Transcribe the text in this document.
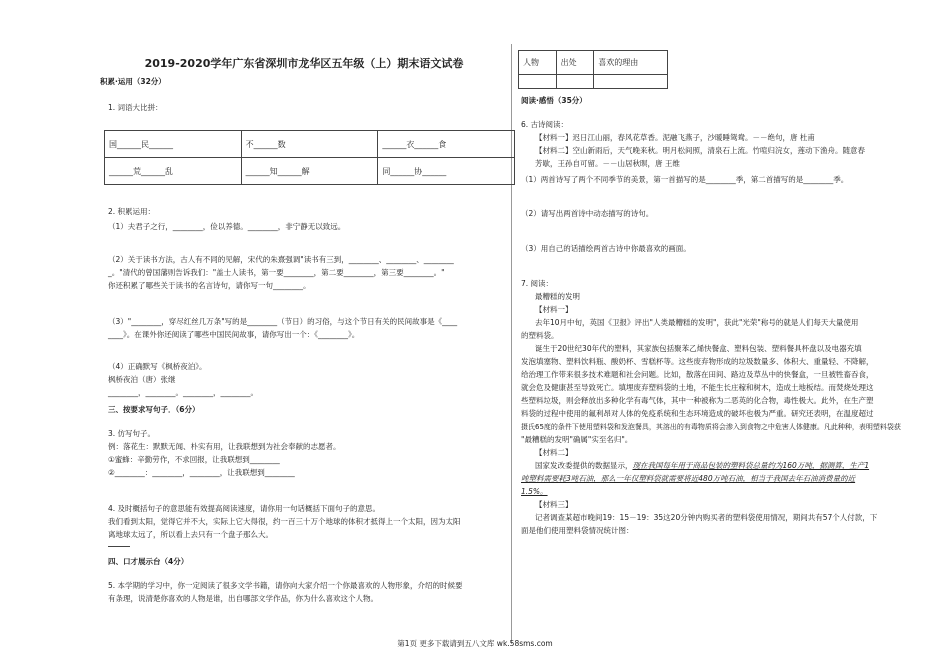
2019-2020学年广东省深圳市龙华区五年级（上）期末语文试卷
积累·运用（32分）
1. 词语大比拼：
国______民______	不______数	______衣______食
______荒______乱	______知______解	同______协______
2. 积累运用：
（1）夫君子之行，________，俭以养德。________，非宁静无以致远。
（2）关于读书方法，古人有不同的见解，宋代的朱熹强调"读书有三到，________、________、________
_。"清代的曾国藩则告诉我们："盖士人读书，第一要________，第二要________，第三要________。"
你还积累了哪些关于读书的名言诗句，请你写一句________。
（3）"________，穿尽红丝几万条"写的是________（节日）的习俗，与这个节日有关的民间故事是《____
____》。在课外你还阅读了哪些中国民间故事，请你写出一个：《________》。
（4）正确默写《枫桥夜泊》。
枫桥夜泊（唐）张继
________，________。________，________。
三、按要求写句子．（6分）
3. 仿写句子。
例：落花生：默默无闻、朴实有用，让我联想到为社会奉献的志愿者。
①蜜蜂：辛勤劳作，不求回报，让我联想到________
②________：________，________，让我联想到________
4. 及时概括句子的意思能有效提高阅读速度，请你用一句话概括下面句子的意思。
我们看到太阳，觉得它并不大，实际上它大得很，约一百三十万个地球的体积才抵得上一个太阳，因为太阳
离地球太远了，所以看上去只有一个盘子那么大。
四、口才展示台（4分）
5. 本学期的学习中，你一定阅读了很多文学书籍，请你向大家介绍一个你最喜欢的人物形象，介绍的时候要
有条理，说清楚你喜欢的人物是谁，出自哪部文学作品，你为什么喜欢这个人物。
人物	出处	喜欢的理由

阅读·感悟（35分）
6. 古诗阅读：
【材料一】迟日江山丽，春风花草香。泥融飞燕子，沙暖睡鸳鸯。－－绝句，唐 杜甫
【材料二】空山新雨后，天气晚来秋。明月松间照，清泉石上流。竹喧归浣女，莲动下渔舟。随意春
芳歇，王孙自可留。－－山居秋暝，唐 王维
（1）两首诗写了两个不同季节的美景，第一首描写的是________季，第二首描写的是________季。
（2）请写出两首诗中动态描写的诗句。
（3）用自己的话描绘两首古诗中你最喜欢的画面。
7. 阅读：
最糟糕的发明
【材料一】
去年10月中旬，英国《卫报》评出"人类最糟糕的发明"，获此"光荣"称号的就是人们每天大量使用
的塑料袋。
诞生于20世纪30年代的塑料，其家族包括聚苯乙烯快餐盒、塑料包装、塑料餐具杯盘以及电器充填
发泡填塞物、塑料饮料瓶、酸奶杯、雪糕杯等。这些废弃物形成的垃圾数量多、体积大、重量轻、不降解，
给治理工作带来很多技术难题和社会问题。比如，散落在田间、路边及草丛中的快餐盒，一旦被牲畜吞食，
就会危及健康甚至导致死亡。填埋废弃塑料袋的土地，不能生长庄稼和树木，造成土地板结。而焚烧处理这
些塑料垃圾，则会释放出多种化学有毒气体，其中一种被称为二恶英的化合物，毒性极大。此外，在生产塑
料袋的过程中使用的氟利昂对人体的免疫系统和生态环境造成的破坏也极为严重。研究还表明，在温度超过
摄氏65度的条件下使用塑料袋和发泡餐具，其溶出的有毒物质将会渗入到食物之中危害人体健康。凡此种种，表明塑料袋获
"最糟糕的发明"确属"实至名归"。
【材料二】
国家发改委提供的数据显示，现在我国每年用于商品包装的塑料袋总量约为160万吨，据测算，生产1
吨塑料需要耗3吨石油，那么一年仅塑料袋就需要将近480万吨石油，相当于我国去年石油消费量的近
1.5%。
【材料三】
记者调查某超市晚间19：15－19：35这20分钟内购买者的塑料袋使用情况，期间共有57个人付款，下
面是他们使用塑料袋情况统计图：
第1页 更多下载请到五八文库 wk.58sms.com
